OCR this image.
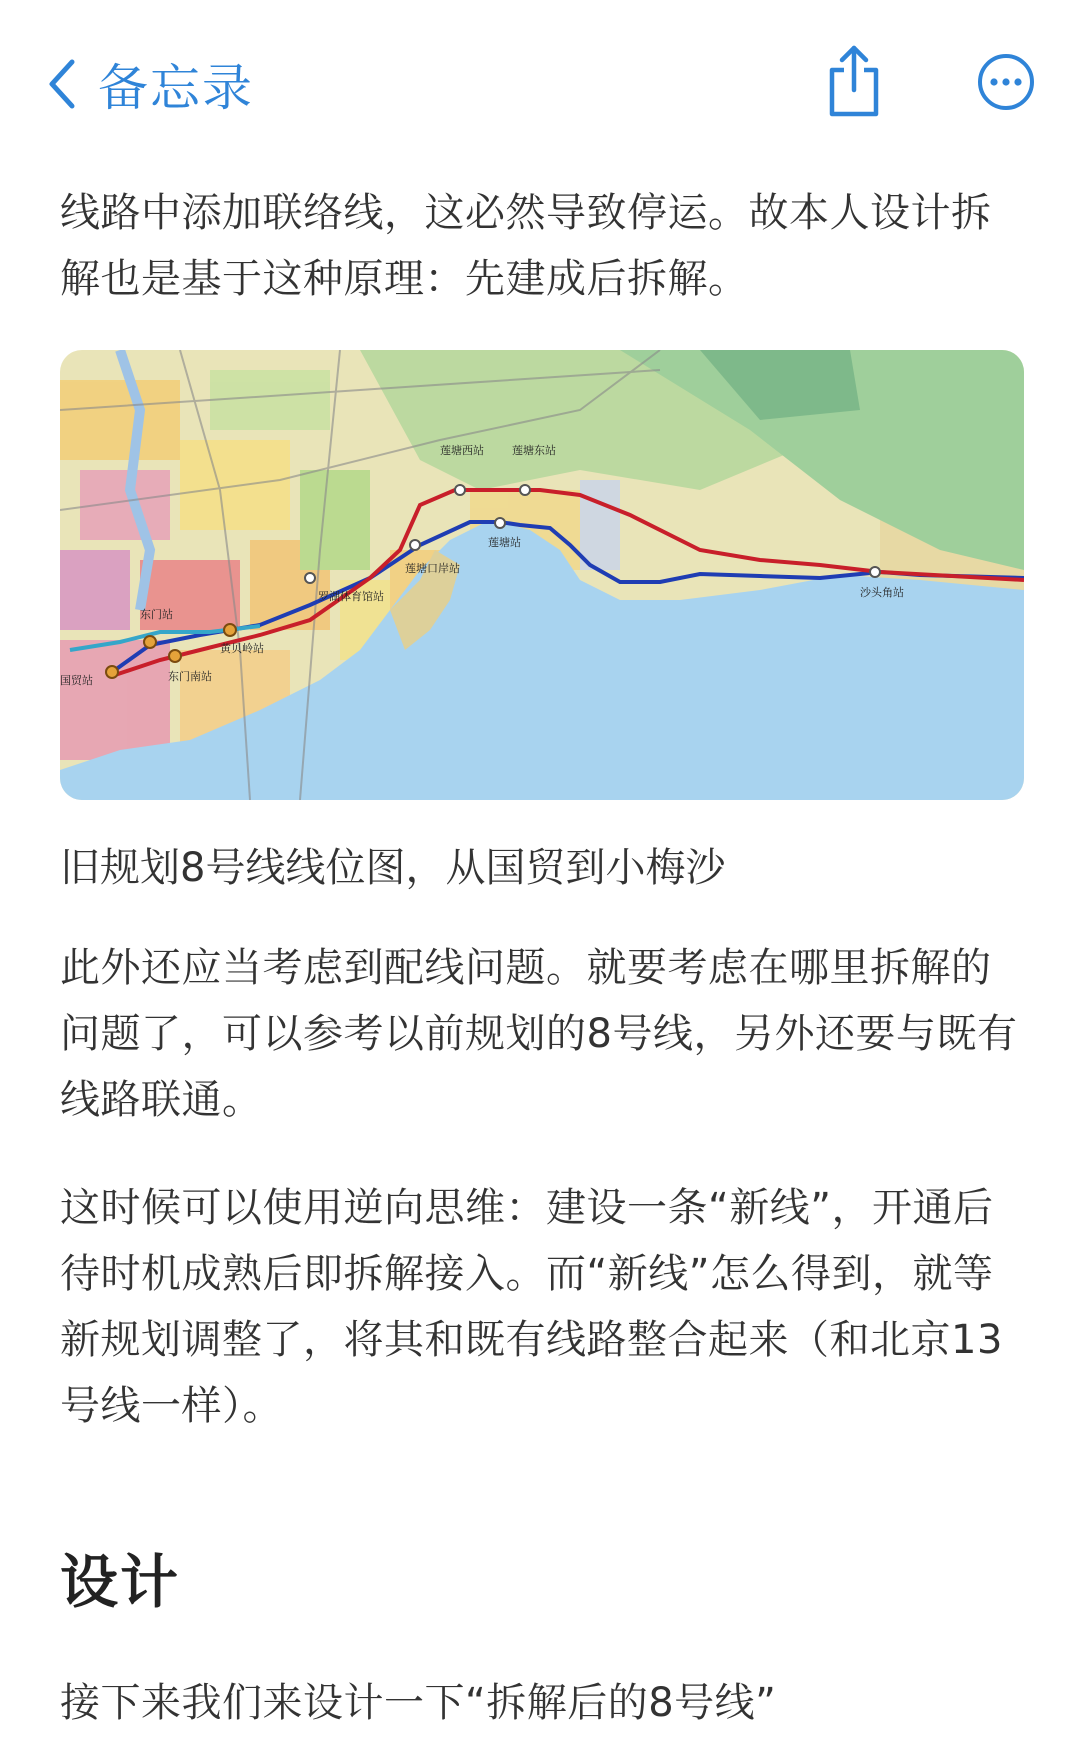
备忘录

线路中添加联络线，这必然导致停运。故本人设计拆解也是基于这种原理：先建成后拆解。

国贸站
东门站
东门南站
黄贝岭站
罗湖体育馆站
莲塘口岸站
莲塘西站	莲塘东站
莲塘站
沙头角站
旧规划8号线线位图，从国贸到小梅沙

此外还应当考虑到配线问题。就要考虑在哪里拆解的问题了，可以参考以前规划的8号线，另外还要与既有线路联通。

这时候可以使用逆向思维：建设一条“新线”，开通后待时机成熟后即拆解接入。而“新线”怎么得到，就等新规划调整了，将其和既有线路整合起来（和北京13号线一样）。

设计

接下来我们来设计一下“拆解后的8号线”
